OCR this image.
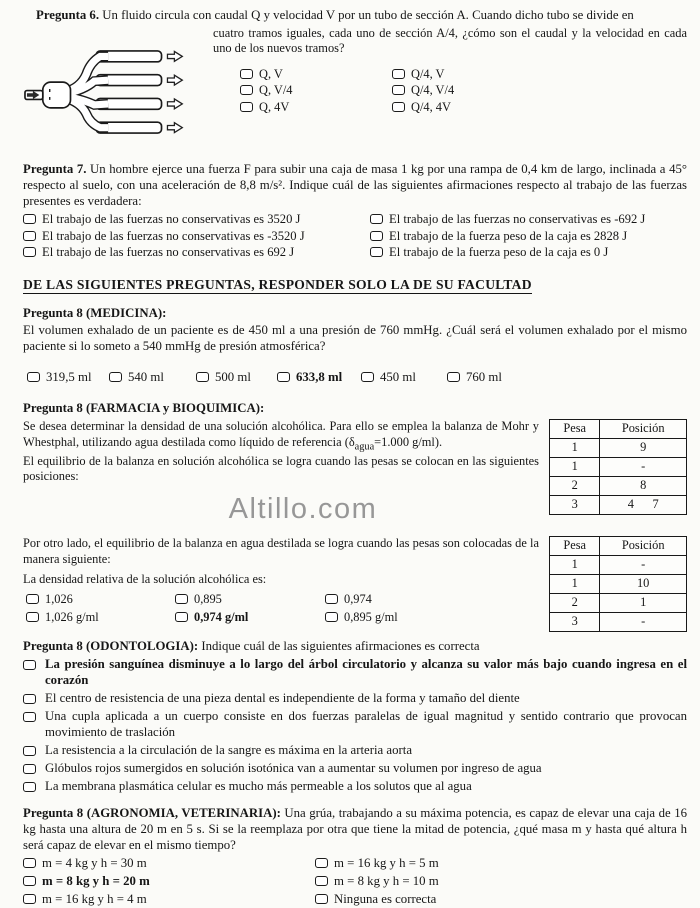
Pregunta 6. Un fluido circula con caudal Q y velocidad V por un tubo de sección A. Cuando dicho tubo se divide en

cuatro tramos iguales, cada uno de sección A/4, ¿cómo son el caudal y la velocidad en cada uno de los nuevos tramos?

Q, V	Q/4, V
Q, V/4	Q/4, V/4
Q, 4V	Q/4, 4V

Pregunta 7. Un hombre ejerce una fuerza F para subir una caja de masa 1 kg por una rampa de 0,4 km de largo, inclinada a 45° respecto al suelo, con una aceleración de 8,8 m/s². Indique cuál de las siguientes afirmaciones respecto al trabajo de las fuerzas presentes es verdadera:

El trabajo de las fuerzas no conservativas es 3520 J	El trabajo de las fuerzas no conservativas es -692 J
El trabajo de las fuerzas no conservativas es -3520 J	El trabajo de la fuerza peso de la caja es 2828 J
El trabajo de las fuerzas no conservativas es 692 J	El trabajo de la fuerza peso de la caja es 0 J
DE LAS SIGUIENTES PREGUNTAS, RESPONDER SOLO LA DE SU FACULTAD

Pregunta 8 (MEDICINA):

El volumen exhalado de un paciente es de 450 ml a una presión de 760 mmHg. ¿Cuál será el volumen exhalado por el mismo paciente si lo someto a 540 mmHg de presión atmosférica?

319,5 ml	540 ml	500 ml	633,8 ml	450 ml	760 ml

Pregunta 8 (FARMACIA y BIOQUIMICA):

Pesa	Posición
1	9
1	-
2	8
3	4      7

Se desea determinar la densidad de una solución alcohólica. Para ello se emplea la balanza de Mohr y Whestphal, utilizando agua destilada como líquido de referencia ($\delta_{agua}=1.000$ g/ml).

El equilibrio de la balanza en solución alcohólica se logra cuando las pesas se colocan en las siguientes posiciones:

Altillo.com
Pesa	Posición
1	-
1	10
2	1
3	-

Por otro lado, el equilibrio de la balanza en agua destilada se logra cuando las pesas son colocadas de la manera siguiente:

La densidad relativa de la solución alcohólica es:

1,026	0,895	0,974
1,026 g/ml	0,974 g/ml	0,895 g/ml

Pregunta 8 (ODONTOLOGIA): Indique cuál de las siguientes afirmaciones es correcta

La presión sanguínea disminuye a lo largo del árbol circulatorio y alcanza su valor más bajo cuando ingresa en el corazón
El centro de resistencia de una pieza dental es independiente de la forma y tamaño del diente
Una cupla aplicada a un cuerpo consiste en dos fuerzas paralelas de igual magnitud y sentido contrario que provocan movimiento de traslación
La resistencia a la circulación de la sangre es máxima en la arteria aorta
Glóbulos rojos sumergidos en solución isotónica van a aumentar su volumen por ingreso de agua
La membrana plasmática celular es mucho más permeable a los solutos que al agua

Pregunta 8 (AGRONOMIA, VETERINARIA): Una grúa, trabajando a su máxima potencia, es capaz de elevar una caja de 16 kg hasta una altura de 20 m en 5 s. Si se la reemplaza por otra que tiene la mitad de potencia, ¿qué masa m y hasta qué altura h será capaz de elevar en el mismo tiempo?

m = 4 kg y h = 30 m	m = 16 kg y h = 5 m
m = 8 kg y h = 20 m	m = 8 kg y h = 10 m
m = 16 kg y h = 4 m	Ninguna es correcta
